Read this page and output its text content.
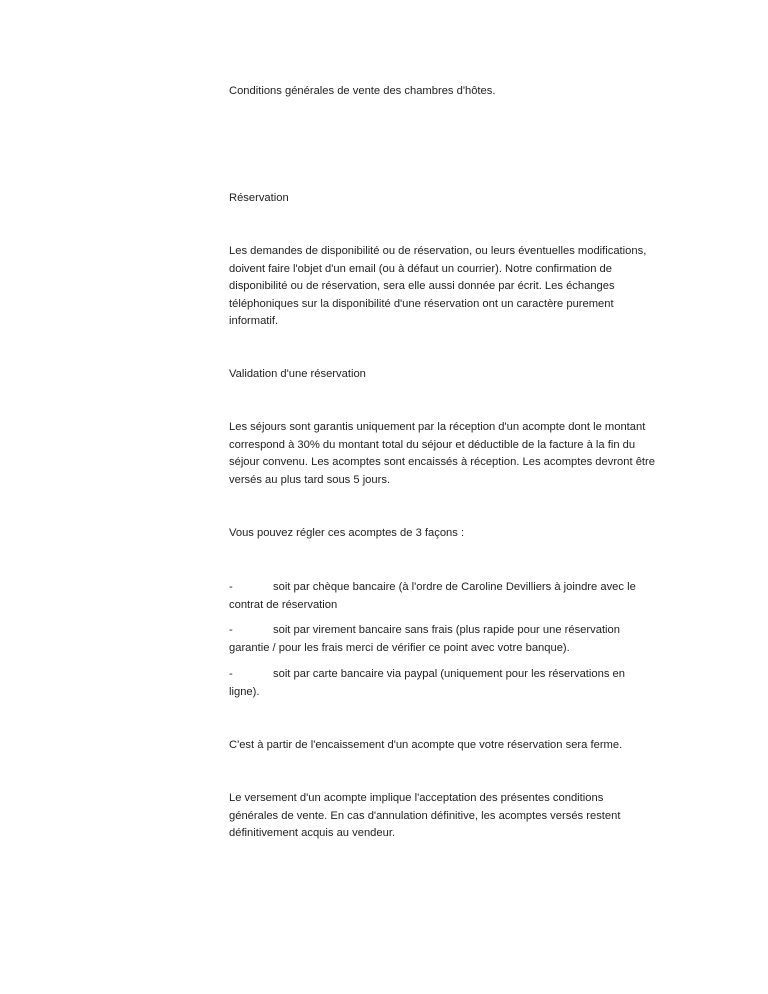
Conditions générales de vente des chambres d'hôtes.

Réservation

Les demandes de disponibilité ou de réservation, ou leurs éventuelles modifications,
doivent faire l'objet d'un email (ou à défaut un courrier). Notre confirmation de
disponibilité ou de réservation, sera elle aussi donnée par écrit. Les échanges
téléphoniques sur la disponibilité d'une réservation ont un caractère purement
informatif.

Validation d'une réservation

Les séjours sont garantis uniquement par la réception d'un acompte dont le montant
correspond à 30% du montant total du séjour et déductible de la facture à la fin du
séjour convenu. Les acomptes sont encaissés à réception. Les acomptes devront être
versés au plus tard sous 5 jours.

Vous pouvez régler ces acomptes de 3 façons :

-	soit par chèque bancaire (à l'ordre de Caroline Devilliers à joindre avec le
contrat de réservation

-	soit par virement bancaire sans frais (plus rapide pour une réservation
garantie / pour les frais merci de vérifier ce point avec votre banque).

-	soit par carte bancaire via paypal (uniquement pour les réservations en
ligne).

C'est à partir de l'encaissement d'un acompte que votre réservation sera ferme.

Le versement d'un acompte implique l'acceptation des présentes conditions
générales de vente. En cas d'annulation définitive, les acomptes versés restent
définitivement acquis au vendeur.
